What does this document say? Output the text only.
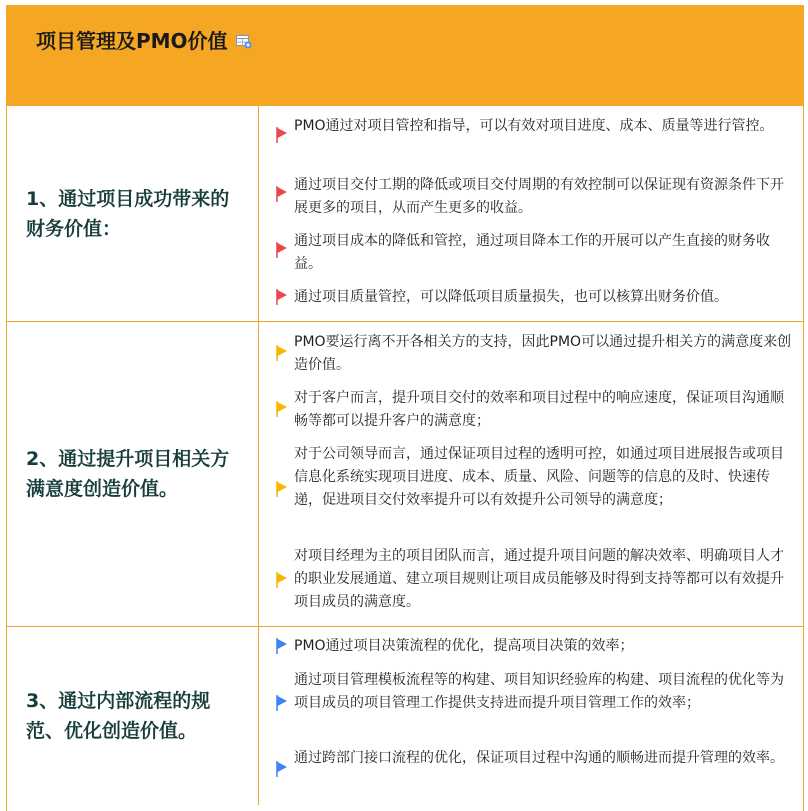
项目管理及PMO价值
1、通过项目成功带来的财务价值：
PMO通过对项目管控和指导，可以有效对项目进度、成本、质量等进行管控。
通过项目交付工期的降低或项目交付周期的有效控制可以保证现有资源条件下开展更多的项目，从而产生更多的收益。
通过项目成本的降低和管控，通过项目降本工作的开展可以产生直接的财务收益。
通过项目质量管控，可以降低项目质量损失，也可以核算出财务价值。
2、通过提升项目相关方满意度创造价值。
PMO要运行离不开各相关方的支持，因此PMO可以通过提升相关方的满意度来创造价值。
对于客户而言，提升项目交付的效率和项目过程中的响应速度，保证项目沟通顺畅等都可以提升客户的满意度；
对于公司领导而言，通过保证项目过程的透明可控，如通过项目进展报告或项目信息化系统实现项目进度、成本、质量、风险、问题等的信息的及时、快速传递，促进项目交付效率提升可以有效提升公司领导的满意度；
对项目经理为主的项目团队而言，通过提升项目问题的解决效率、明确项目人才的职业发展通道、建立项目规则让项目成员能够及时得到支持等都可以有效提升项目成员的满意度。
3、通过内部流程的规范、优化创造价值。
PMO通过项目决策流程的优化，提高项目决策的效率；
通过项目管理模板流程等的构建、项目知识经验库的构建、项目流程的优化等为项目成员的项目管理工作提供支持进而提升项目管理工作的效率；
通过跨部门接口流程的优化，保证项目过程中沟通的顺畅进而提升管理的效率。
